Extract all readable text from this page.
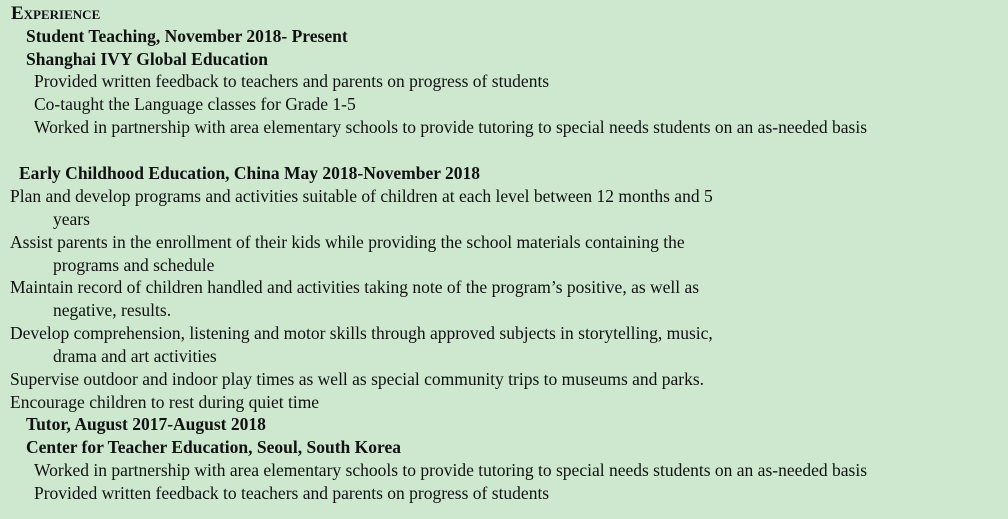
Experience
Student Teaching, November 2018- Present
Shanghai IVY Global Education
Provided written feedback to teachers and parents on progress of students
Co-taught the Language classes for Grade 1-5
Worked in partnership with area elementary schools to provide tutoring to special needs students on an as-needed basis
Early Childhood Education, China May 2018-November 2018
Plan and develop programs and activities suitable of children at each level between 12 months and 5
years
Assist parents in the enrollment of their kids while providing the school materials containing the
programs and schedule
Maintain record of children handled and activities taking note of the program’s positive, as well as
negative, results.
Develop comprehension, listening and motor skills through approved subjects in storytelling, music,
drama and art activities
Supervise outdoor and indoor play times as well as special community trips to museums and parks.
Encourage children to rest during quiet time
Tutor, August 2017-August 2018
Center for Teacher Education, Seoul, South Korea
Worked in partnership with area elementary schools to provide tutoring to special needs students on an as-needed basis
Provided written feedback to teachers and parents on progress of students
